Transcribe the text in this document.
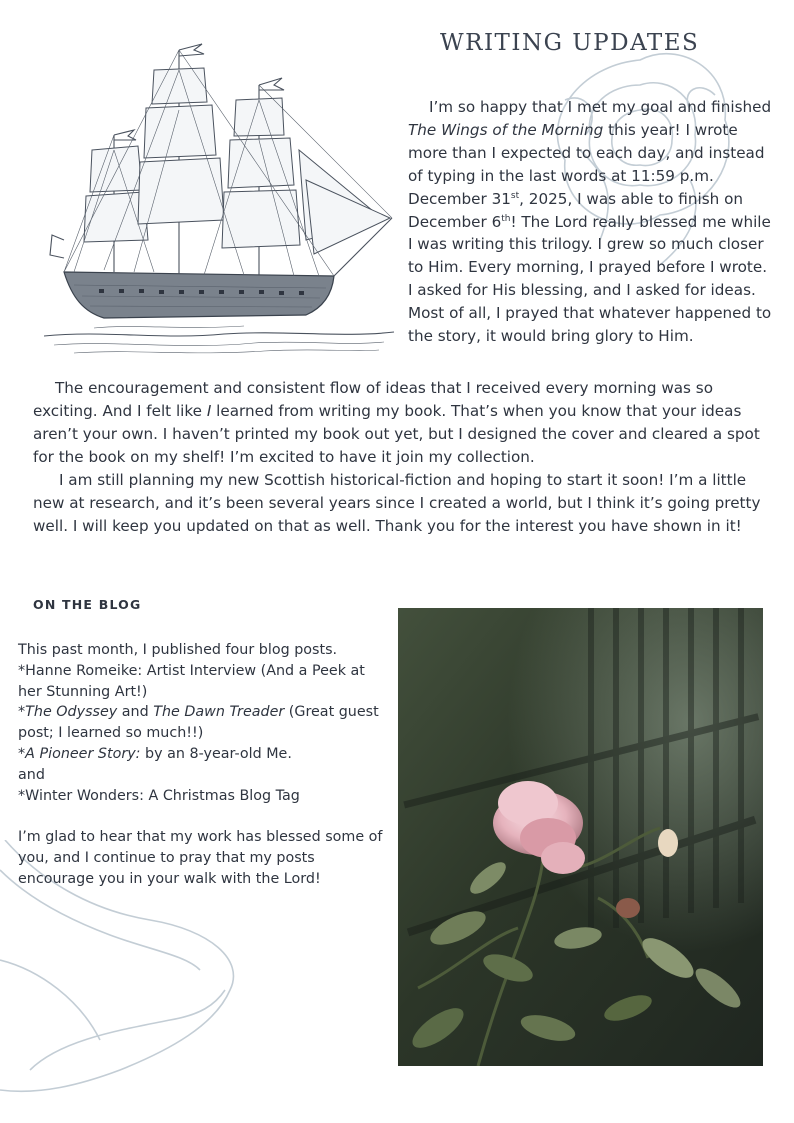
WRITING UPDATES
I’m so happy that I met my goal and finished The Wings of the Morning this year! I wrote more than I expected to each day, and instead of typing in the last words at 11:59 p.m. December 31st, 2025, I was able to finish on December 6th! The Lord really blessed me while I was writing this trilogy. I grew so much closer to Him. Every morning, I prayed before I wrote. I asked for His blessing, and I asked for ideas. Most of all, I prayed that whatever happened to the story, it would bring glory to Him.
The encouragement and consistent flow of ideas that I received every morning was so exciting. And I felt like I learned from writing my book. That’s when you know that your ideas aren’t your own. I haven’t printed my book out yet, but I designed the cover and cleared a spot for the book on my shelf! I’m excited to have it join my collection.
I am still planning my new Scottish historical-fiction and hoping to start it soon! I’m a little new at research, and it’s been several years since I created a world, but I think it’s going pretty well. I will keep you updated on that as well. Thank you for the interest you have shown in it!
ON THE BLOG
This past month, I published four blog posts.
*Hanne Romeike: Artist Interview (And a Peek at her Stunning Art!)
*The Odyssey and The Dawn Treader (Great guest post; I learned so much!!)
*A Pioneer Story: by an 8-year-old Me.
and
*Winter Wonders: A Christmas Blog Tag
I’m glad to hear that my work has blessed some of you, and I continue to pray that my posts encourage you in your walk with the Lord!
